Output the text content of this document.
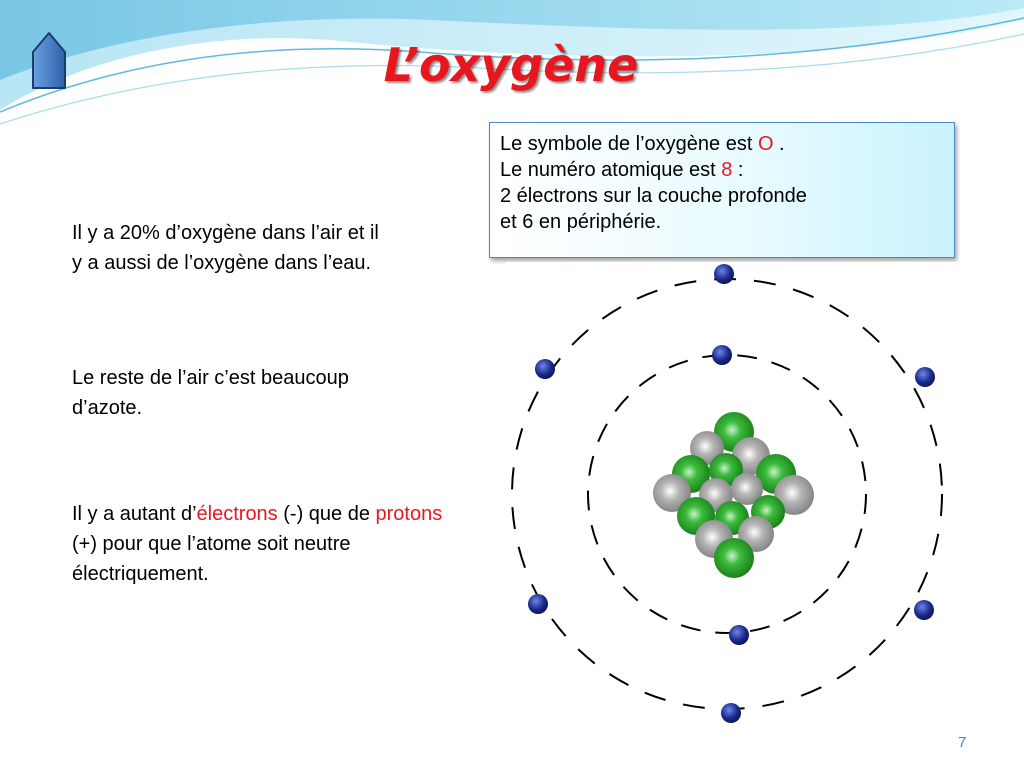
L’oxygène
Il y a 20% d’oxygène dans l’air et il y a aussi de l’oxygène dans l’eau.
Le reste de l’air c’est beaucoup d’azote.
Il y a autant d’électrons (-) que de protons (+) pour que l’atome soit neutre électriquement.
Le symbole de l’oxygène est O .
Le numéro atomique est 8 :
2 électrons sur la couche profonde
et 6 en périphérie.
7
